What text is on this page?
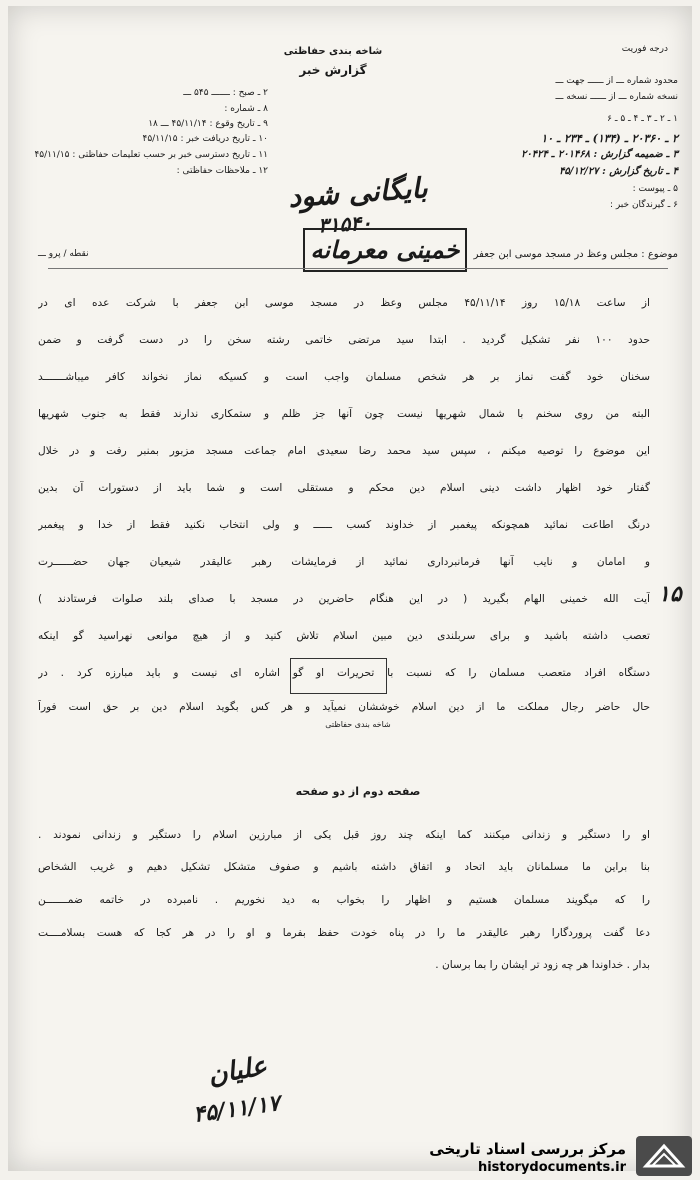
درجه فوریت
شاخه بندی حفاظتی
گزارش خبر
۲ ـ صبح : ـــــــ ۵۴۵ ـــ
۸ ـ شماره :
۹ ـ تاریخ وقوع : ۴۵/۱۱/۱۴ ـــ ۱۸
۱۰ ـ تاریخ دریافت خبر : ۴۵/۱۱/۱۵
۱۱ ـ تاریخ دسترسی خبر بر حسب تعلیمات حفاظتی : ۴۵/۱۱/۱۵
۱۲ ـ ملاحظات حفاظتی :
محدود شماره ـــ از ــــــ جهت ـــ
نسخه شماره ـــ از ــــــ نسخه ـــ
۱ ـ ۲ ـ ۳ ـ ۴ ـ ۵ ـ ۶
۲ ـ ۲۰۳۶۰ ـ (۱۳۴) ـ ۲۳۴ ـ ۱۰
۳ ـ ضمیمه گزارش : ۲۰۱۴۶۸ ـ ۲۰۴۲۴
۴ ـ تاریخ گزارش : ۴۵/۱۲/۲۷
۵ ـ پیوست :
۶ ـ گیرندگان خبر :
بایگانی شود
۳۱۵۴۰
خمینی معرمانه
نقطه / پرو ـــ	موضوع : مجلس وعظ در مسجد موسی ابن جعفر
از ساعت ۱۵/۱۸ روز ۴۵/۱۱/۱۴ مجلس وعظ در مسجد موسی ابن جعفر با شرکت عده ای در
حدود ۱۰۰ نفر تشکیل گردید . ابتدا سید مرتضی خاتمی رشته سخن را در دست گرفت و ضمن
سخنان خود گفت نماز بر هر شخص مسلمان واجب است و کسیکه نماز نخواند کافر میباشـــــــد
البته من روی سخنم با شمال شهریها نیست چون آنها جز ظلم و ستمکاری ندارند فقط به جنوب شهریها
این موضوع را توصیه میکنم ، سپس سید محمد رضا سعیدی امام جماعت مسجد مزبور بمنبر رفت و در خلال
گفتار خود اظهار داشت دینی اسلام دین محکم و مستقلی است و شما باید از دستورات آن بدین
درنگ اطاعت نمائید همچونکه پیغمبر از خداوند کسب ــــــ و ولی انتخاب نکنید فقط از خدا و پیغمبر
و امامان و نایب آنها فرمانبرداری نمائید از فرمایشات رهبر عالیقدر شیعیان جهان حضــــــرت
آیت الله خمینی الهام بگیرید ( در این هنگام حاضرین در مسجد با صدای بلند صلوات فرستادند )
تعصب داشته باشید و برای سربلندی دین مبین اسلام تلاش کنید و از هیچ موانعی نهراسید گو اینکه
دستگاه افراد متعصب مسلمان را که نسبت با تحریرات او گو اشاره ای نیست و باید مبارزه کرد . در
حال حاضر رجال مملکت ما از دین اسلام خوششان نمیآید و هر کس بگوید اسلام دین بر حق است فوراً
۱۵
شاخه بندی حفاظتی
صفحه دوم از دو صفحه
او را دستگیر و زندانی میکنند کما اینکه چند روز قبل یکی از مبارزین اسلام را دستگیر و زندانی نمودند .
بنا براین ما مسلمانان باید اتحاد و اتفاق داشته باشیم و صفوف متشکل تشکیل دهیم و غریب الشخاص
را که میگویند مسلمان هستیم و اظهار را بخواب به دید نخوریم . نامبرده در خاتمه ضمـــــــن
دعا گفت پروردگارا رهبر عالیقدر ما را در پناه خودت حفظ بفرما و او را در هر کجا که هست بسلامــــت
بدار . خداوندا هر چه زود تر ایشان را بما برسان .
عليان
۴۵/۱۱/۱۷
مرکز بررسی اسناد تاریخی
historydocuments.ir
